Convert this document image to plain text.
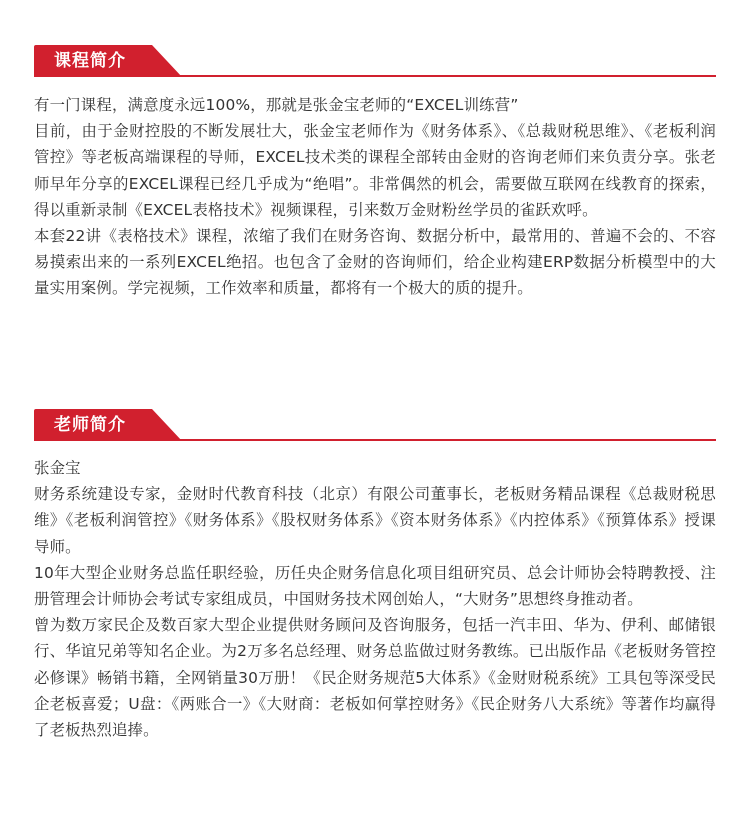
课程简介

有一门课程，满意度永远100%，那就是张金宝老师的“EXCEL训练营”

目前，由于金财控股的不断发展壮大，张金宝老师作为《财务体系》、《总裁财税思维》、《老板利润管控》等老板高端课程的导师，EXCEL技术类的课程全部转由金财的咨询老师们来负责分享。张老师早年分享的EXCEL课程已经几乎成为“绝唱”。非常偶然的机会，需要做互联网在线教育的探索，得以重新录制《EXCEL表格技术》视频课程，引来数万金财粉丝学员的雀跃欢呼。

本套22讲《表格技术》课程，浓缩了我们在财务咨询、数据分析中，最常用的、普遍不会的、不容易摸索出来的一系列EXCEL绝招。也包含了金财的咨询师们，给企业构建ERP数据分析模型中的大量实用案例。学完视频，工作效率和质量，都将有一个极大的质的提升。

老师简介

张金宝

财务系统建设专家，金财时代教育科技（北京）有限公司董事长，老板财务精品课程《总裁财税思维》《老板利润管控》《财务体系》《股权财务体系》《资本财务体系》《内控体系》《预算体系》授课导师。

10年大型企业财务总监任职经验，历任央企财务信息化项目组研究员、总会计师协会特聘教授、注册管理会计师协会考试专家组成员，中国财务技术网创始人，“大财务”思想终身推动者。

曾为数万家民企及数百家大型企业提供财务顾问及咨询服务，包括一汽丰田、华为、伊利、邮储银行、华谊兄弟等知名企业。为2万多名总经理、财务总监做过财务教练。已出版作品《老板财务管控必修课》畅销书籍，全网销量30万册！《民企财务规范5大体系》《金财财税系统》工具包等深受民企老板喜爱；U盘：《两账合一》《大财商：老板如何掌控财务》《民企财务八大系统》等著作均赢得了老板热烈追捧。
